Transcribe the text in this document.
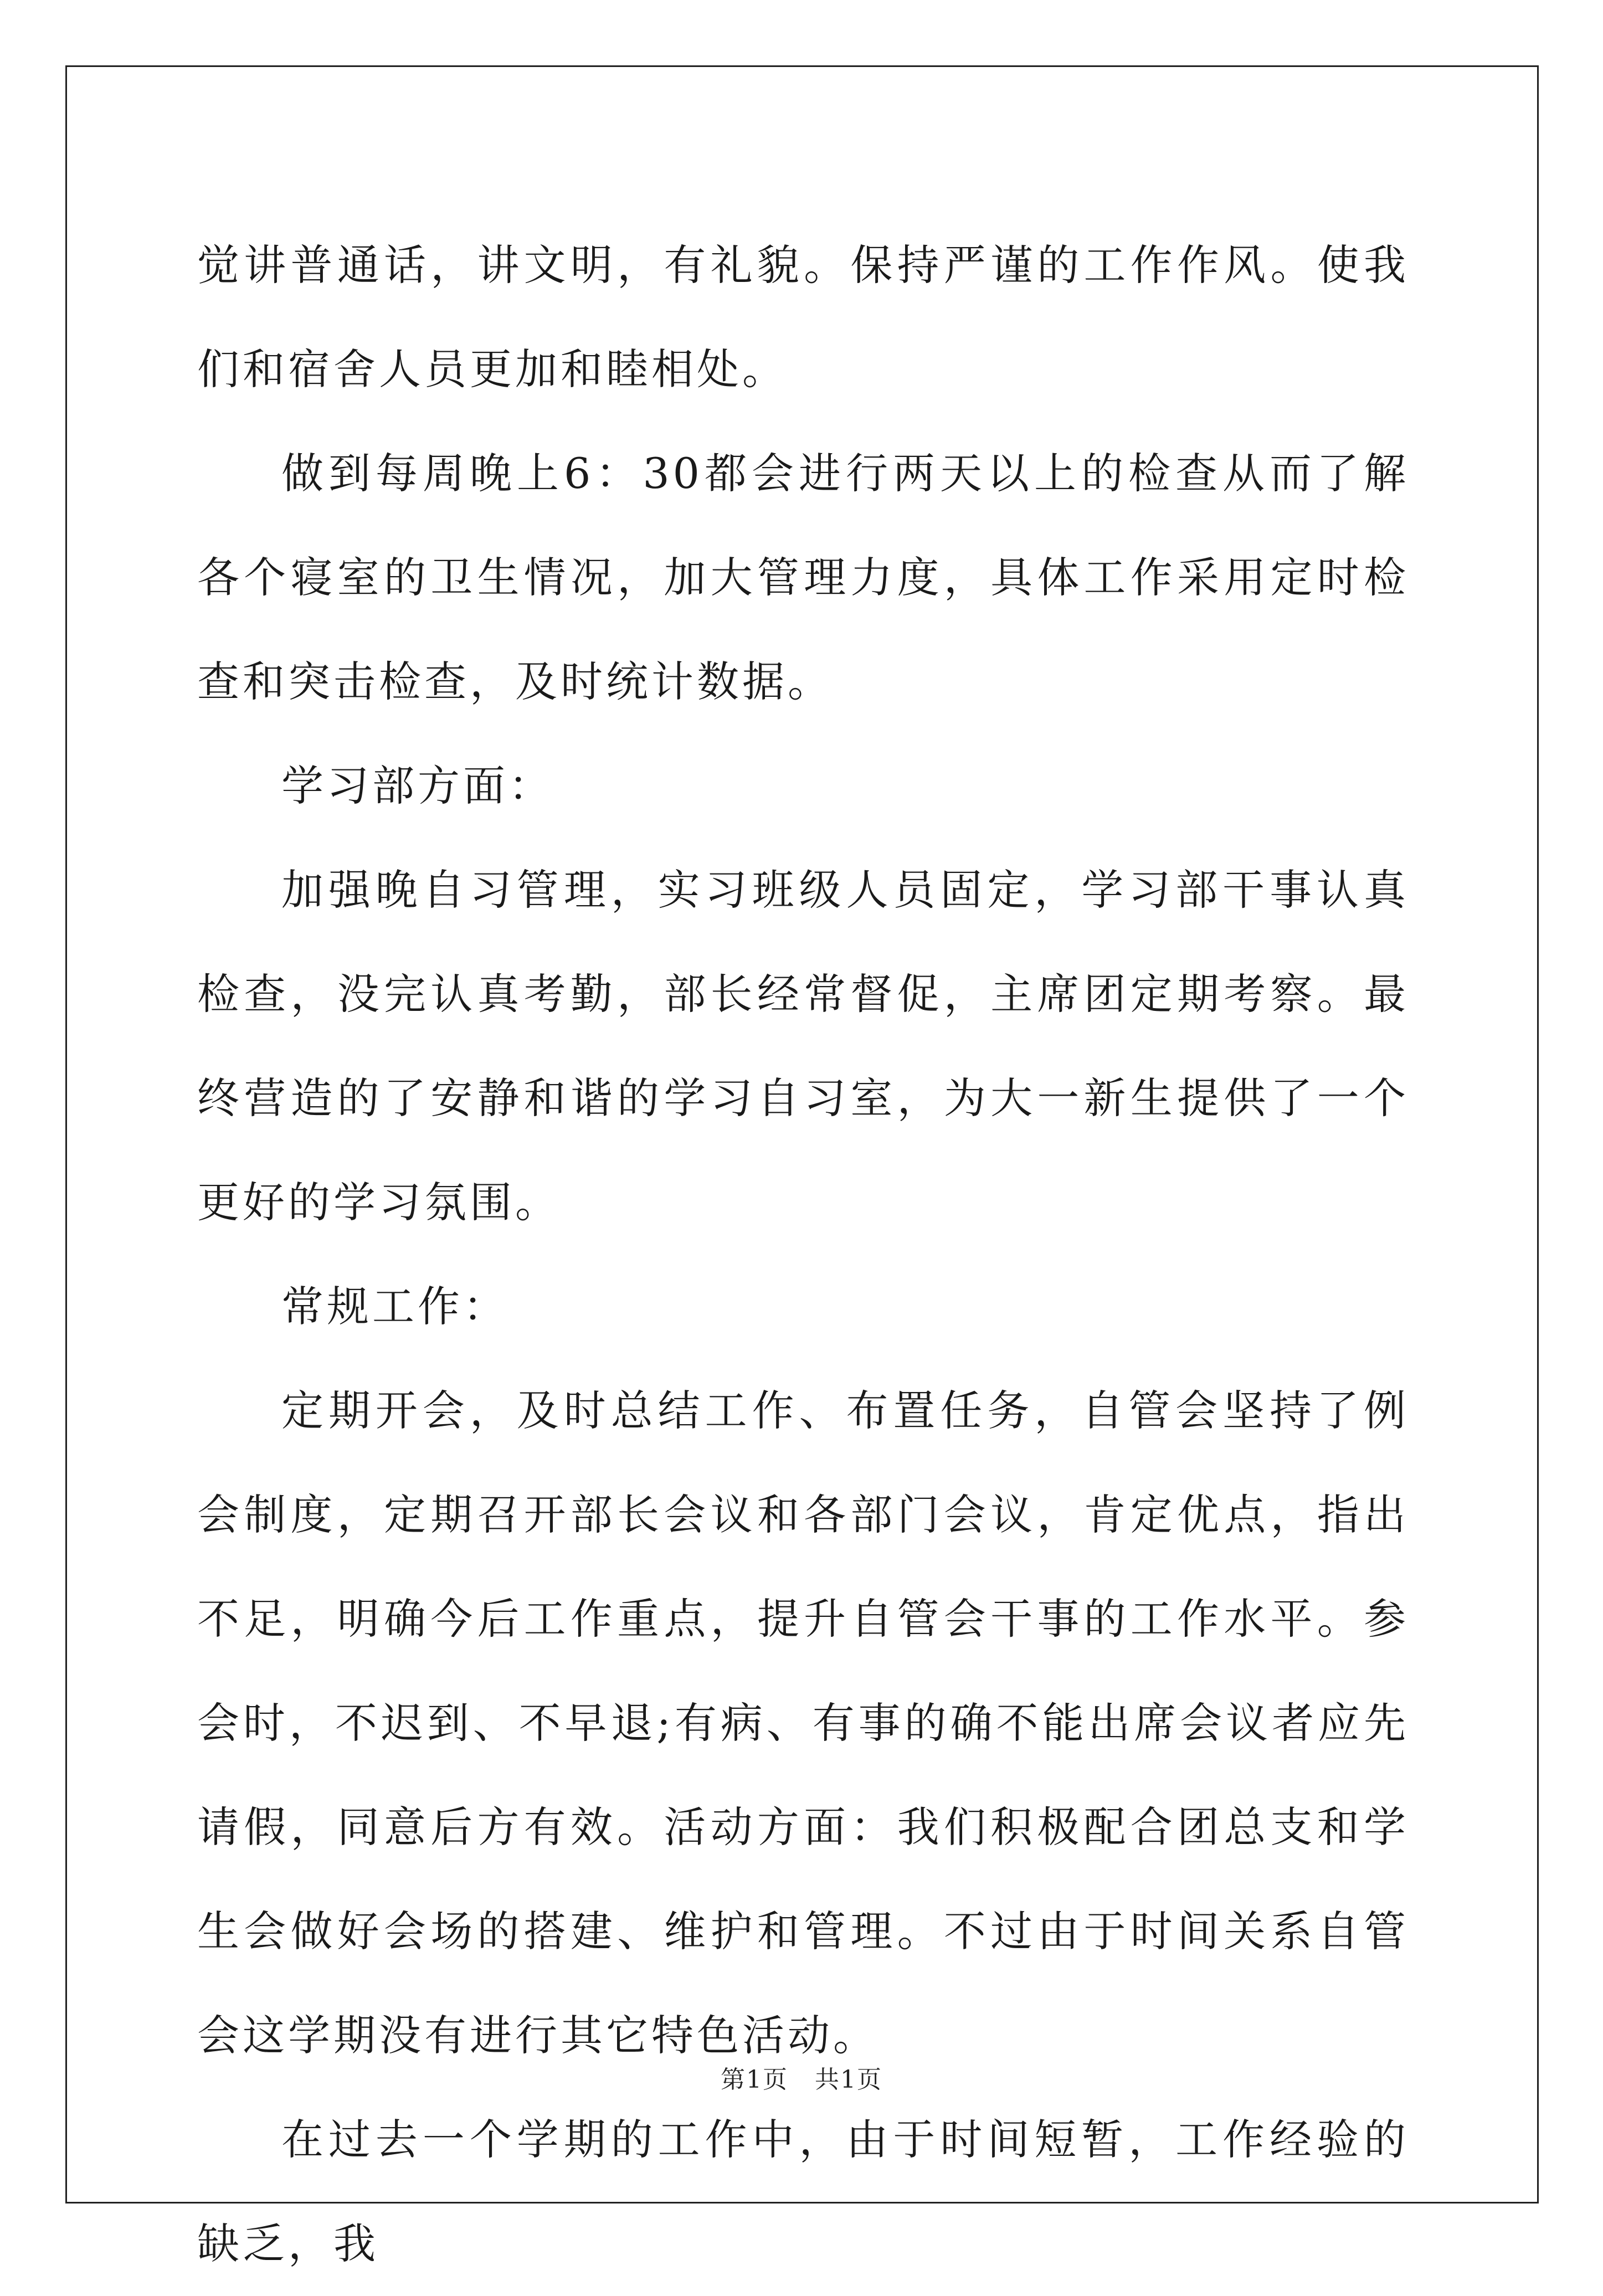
觉讲普通话，讲文明，有礼貌。保持严谨的工作作风。使我们和宿舍人员更加和睦相处。

做到每周晚上6：30都会进行两天以上的检查从而了解各个寝室的卫生情况，加大管理力度，具体工作采用定时检查和突击检查，及时统计数据。

学习部方面：

加强晚自习管理，实习班级人员固定，学习部干事认真检查，没完认真考勤，部长经常督促，主席团定期考察。最终营造的了安静和谐的学习自习室，为大一新生提供了一个更好的学习氛围。

常规工作：

定期开会，及时总结工作、布置任务，自管会坚持了例会制度，定期召开部长会议和各部门会议，肯定优点，指出不足，明确今后工作重点，提升自管会干事的工作水平。参会时，不迟到、不早退;有病、有事的确不能出席会议者应先请假，同意后方有效。活动方面：我们积极配合团总支和学生会做好会场的搭建、维护和管理。不过由于时间关系自管会这学期没有进行其它特色活动。

在过去一个学期的工作中，由于时间短暂，工作经验的缺乏，我

第1页 共1页
